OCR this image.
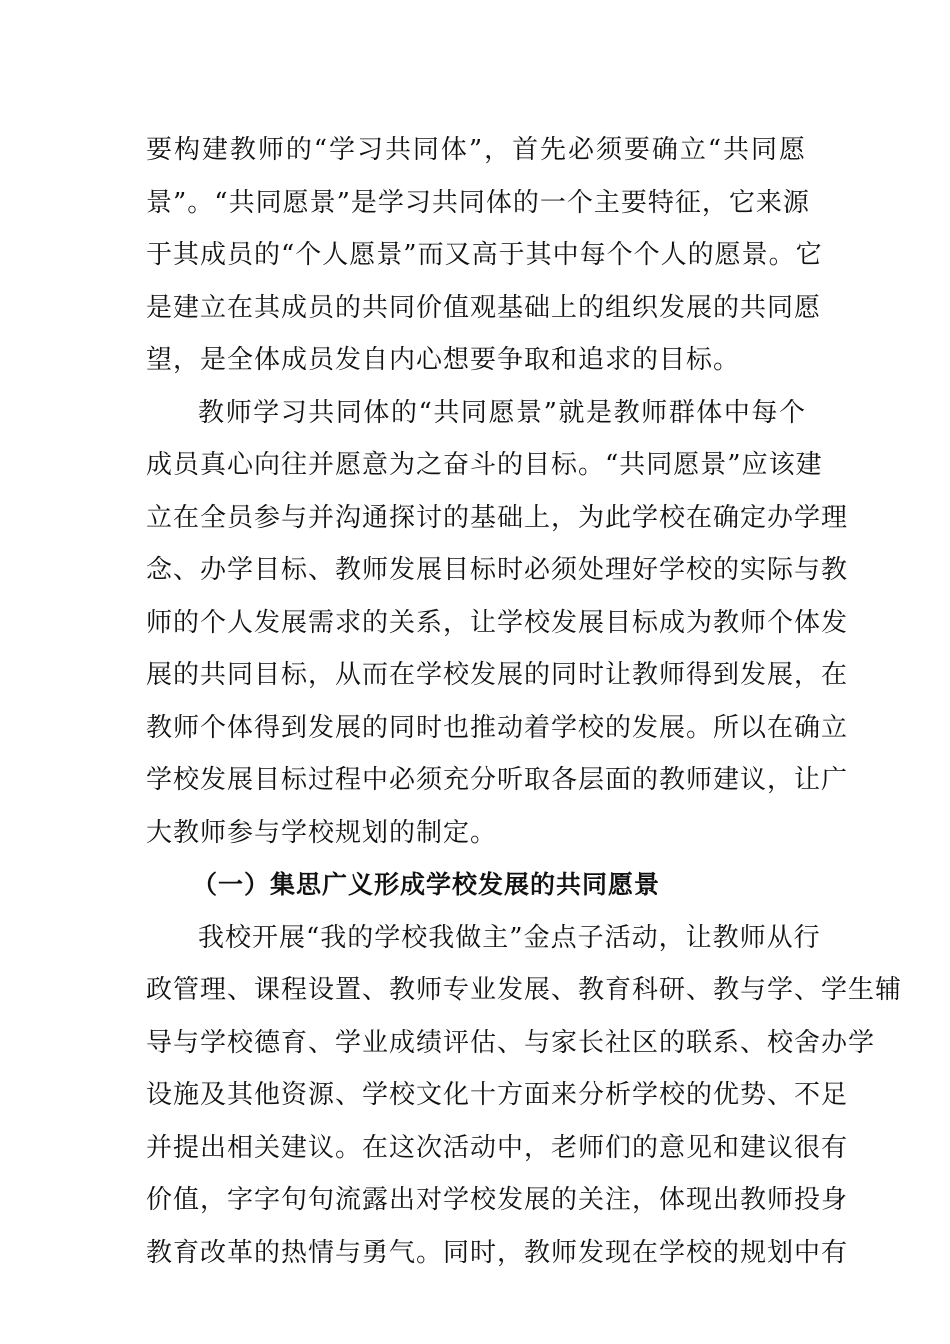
要构建教师的“学习共同体”，首先必须要确立“共同愿
景”。“共同愿景”是学习共同体的一个主要特征，它来源
于其成员的“个人愿景”而又高于其中每个个人的愿景。它
是建立在其成员的共同价值观基础上的组织发展的共同愿
望，是全体成员发自内心想要争取和追求的目标。
教师学习共同体的“共同愿景”就是教师群体中每个
成员真心向往并愿意为之奋斗的目标。“共同愿景”应该建
立在全员参与并沟通探讨的基础上，为此学校在确定办学理
念、办学目标、教师发展目标时必须处理好学校的实际与教
师的个人发展需求的关系，让学校发展目标成为教师个体发
展的共同目标，从而在学校发展的同时让教师得到发展，在
教师个体得到发展的同时也推动着学校的发展。所以在确立
学校发展目标过程中必须充分听取各层面的教师建议，让广
大教师参与学校规划的制定。
（一）集思广义形成学校发展的共同愿景
我校开展“我的学校我做主”金点子活动，让教师从行
政管理、课程设置、教师专业发展、教育科研、教与学、学生辅
导与学校德育、学业成绩评估、与家长社区的联系、校舍办学
设施及其他资源、学校文化十方面来分析学校的优势、不足
并提出相关建议。在这次活动中，老师们的意见和建议很有
价值，字字句句流露出对学校发展的关注，体现出教师投身
教育改革的热情与勇气。同时，教师发现在学校的规划中有
